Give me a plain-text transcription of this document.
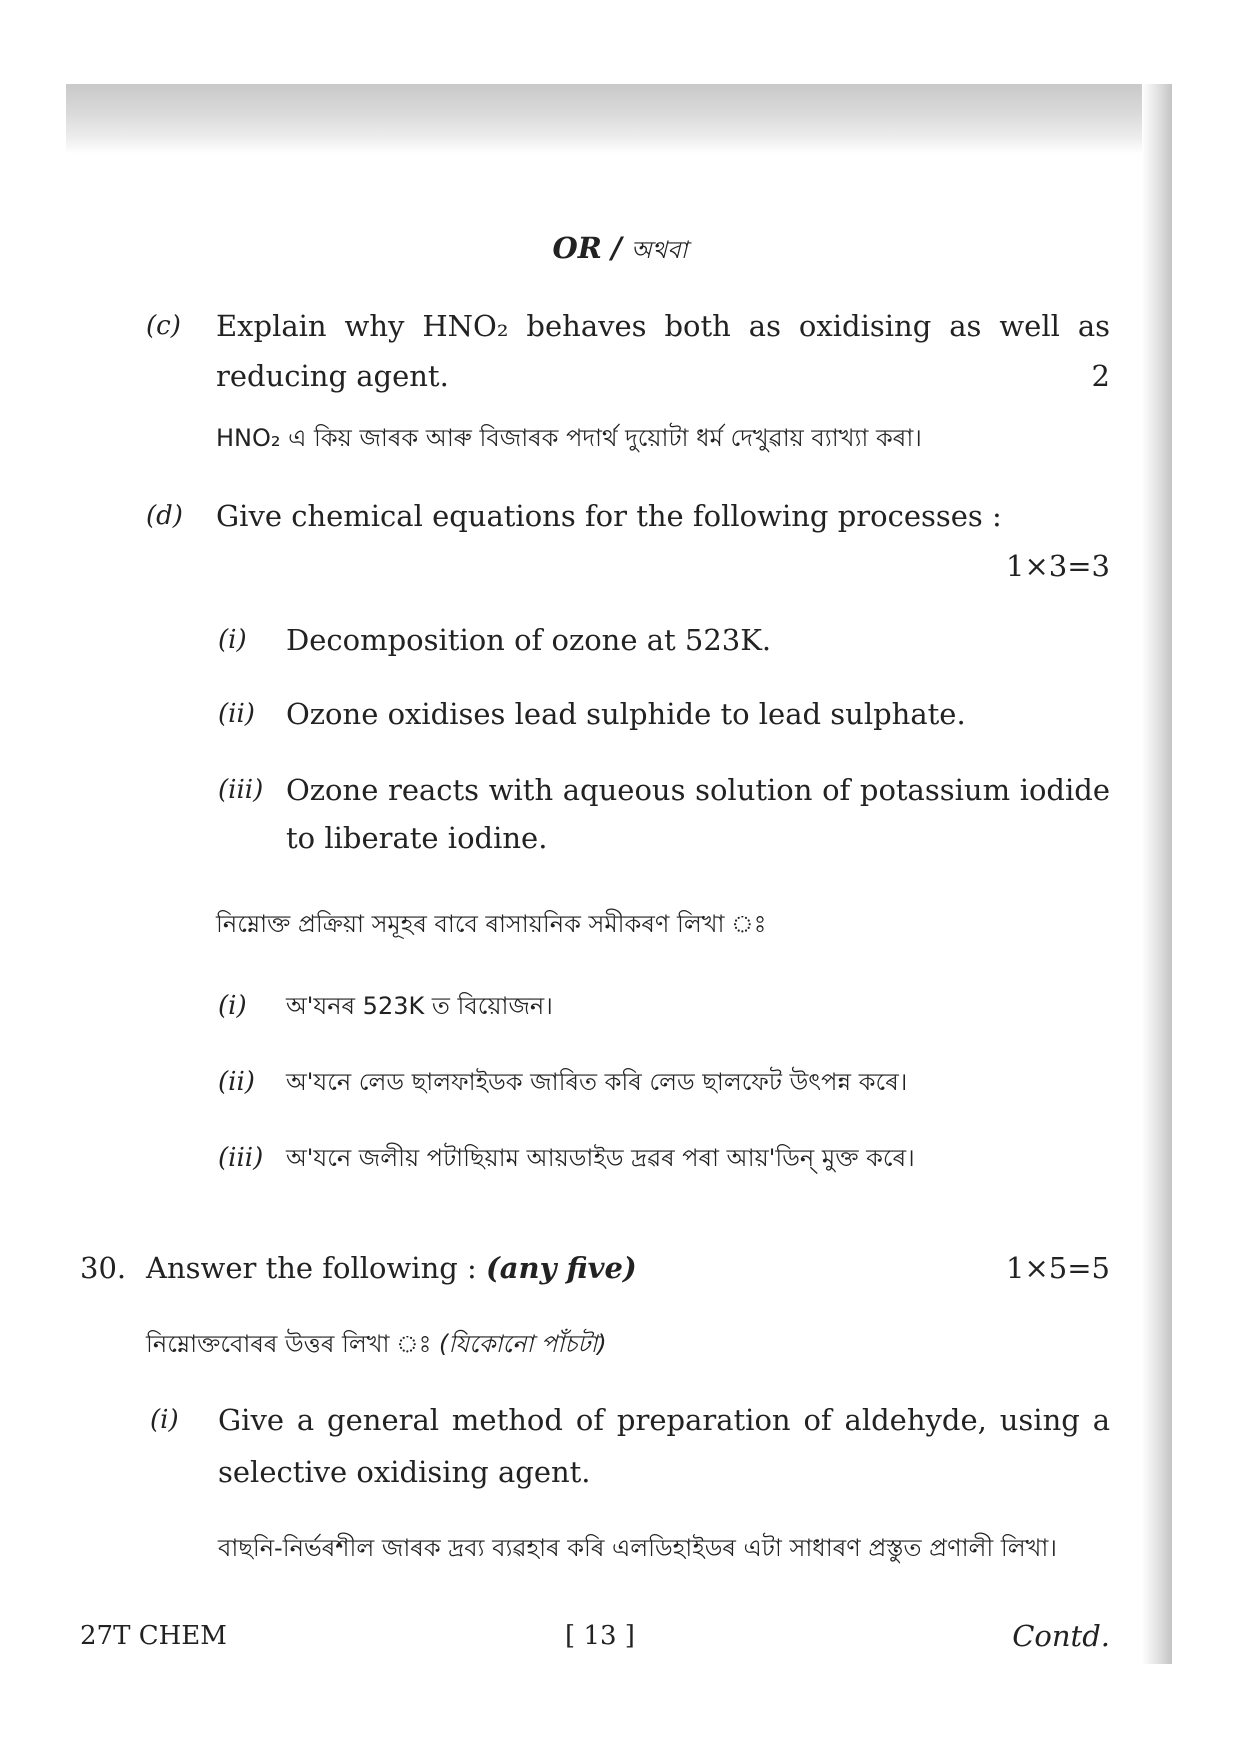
OR / অথবা
(c) Explain why HNO₂ behaves both as oxidising as well as
reducing agent.	2
HNO₂ এ কিয় জাৰক আৰু বিজাৰক পদাৰ্থ দুয়োটা ধৰ্ম দেখুৱায় ব্যাখ্যা কৰা।
(d) Give chemical equations for the following processes :
1×3=3
(i) Decomposition of ozone at 523K.
(ii) Ozone oxidises lead sulphide to lead sulphate.
(iii) Ozone reacts with aqueous solution of potassium iodide
to liberate iodine.
নিম্নোক্ত প্ৰক্ৰিয়া সমূহৰ বাবে ৰাসায়নিক সমীকৰণ লিখা ঃ
(i) অ'যনৰ 523K ত বিয়োজন।
(ii) অ'যনে লেড ছালফাইডক জাৰিত কৰি লেড ছালফেট উৎপন্ন কৰে।
(iii) অ'যনে জলীয় পটাছিয়াম আয়ডাইড দ্ৰৱৰ পৰা আয়'ডিন্ মুক্ত কৰে।
30. Answer the following : (any five)	1×5=5
নিম্নোক্তবোৰৰ উত্তৰ লিখা ঃ (যিকোনো পাঁচটা)
(i) Give a general method of preparation of aldehyde, using a
selective oxidising agent.
বাছনি-নিৰ্ভৰশীল জাৰক দ্ৰব্য ব্যৱহাৰ কৰি এলডিহাইডৰ এটা সাধাৰণ প্ৰস্তুত প্ৰণালী লিখা।
27T CHEM	[ 13 ]	Contd.
